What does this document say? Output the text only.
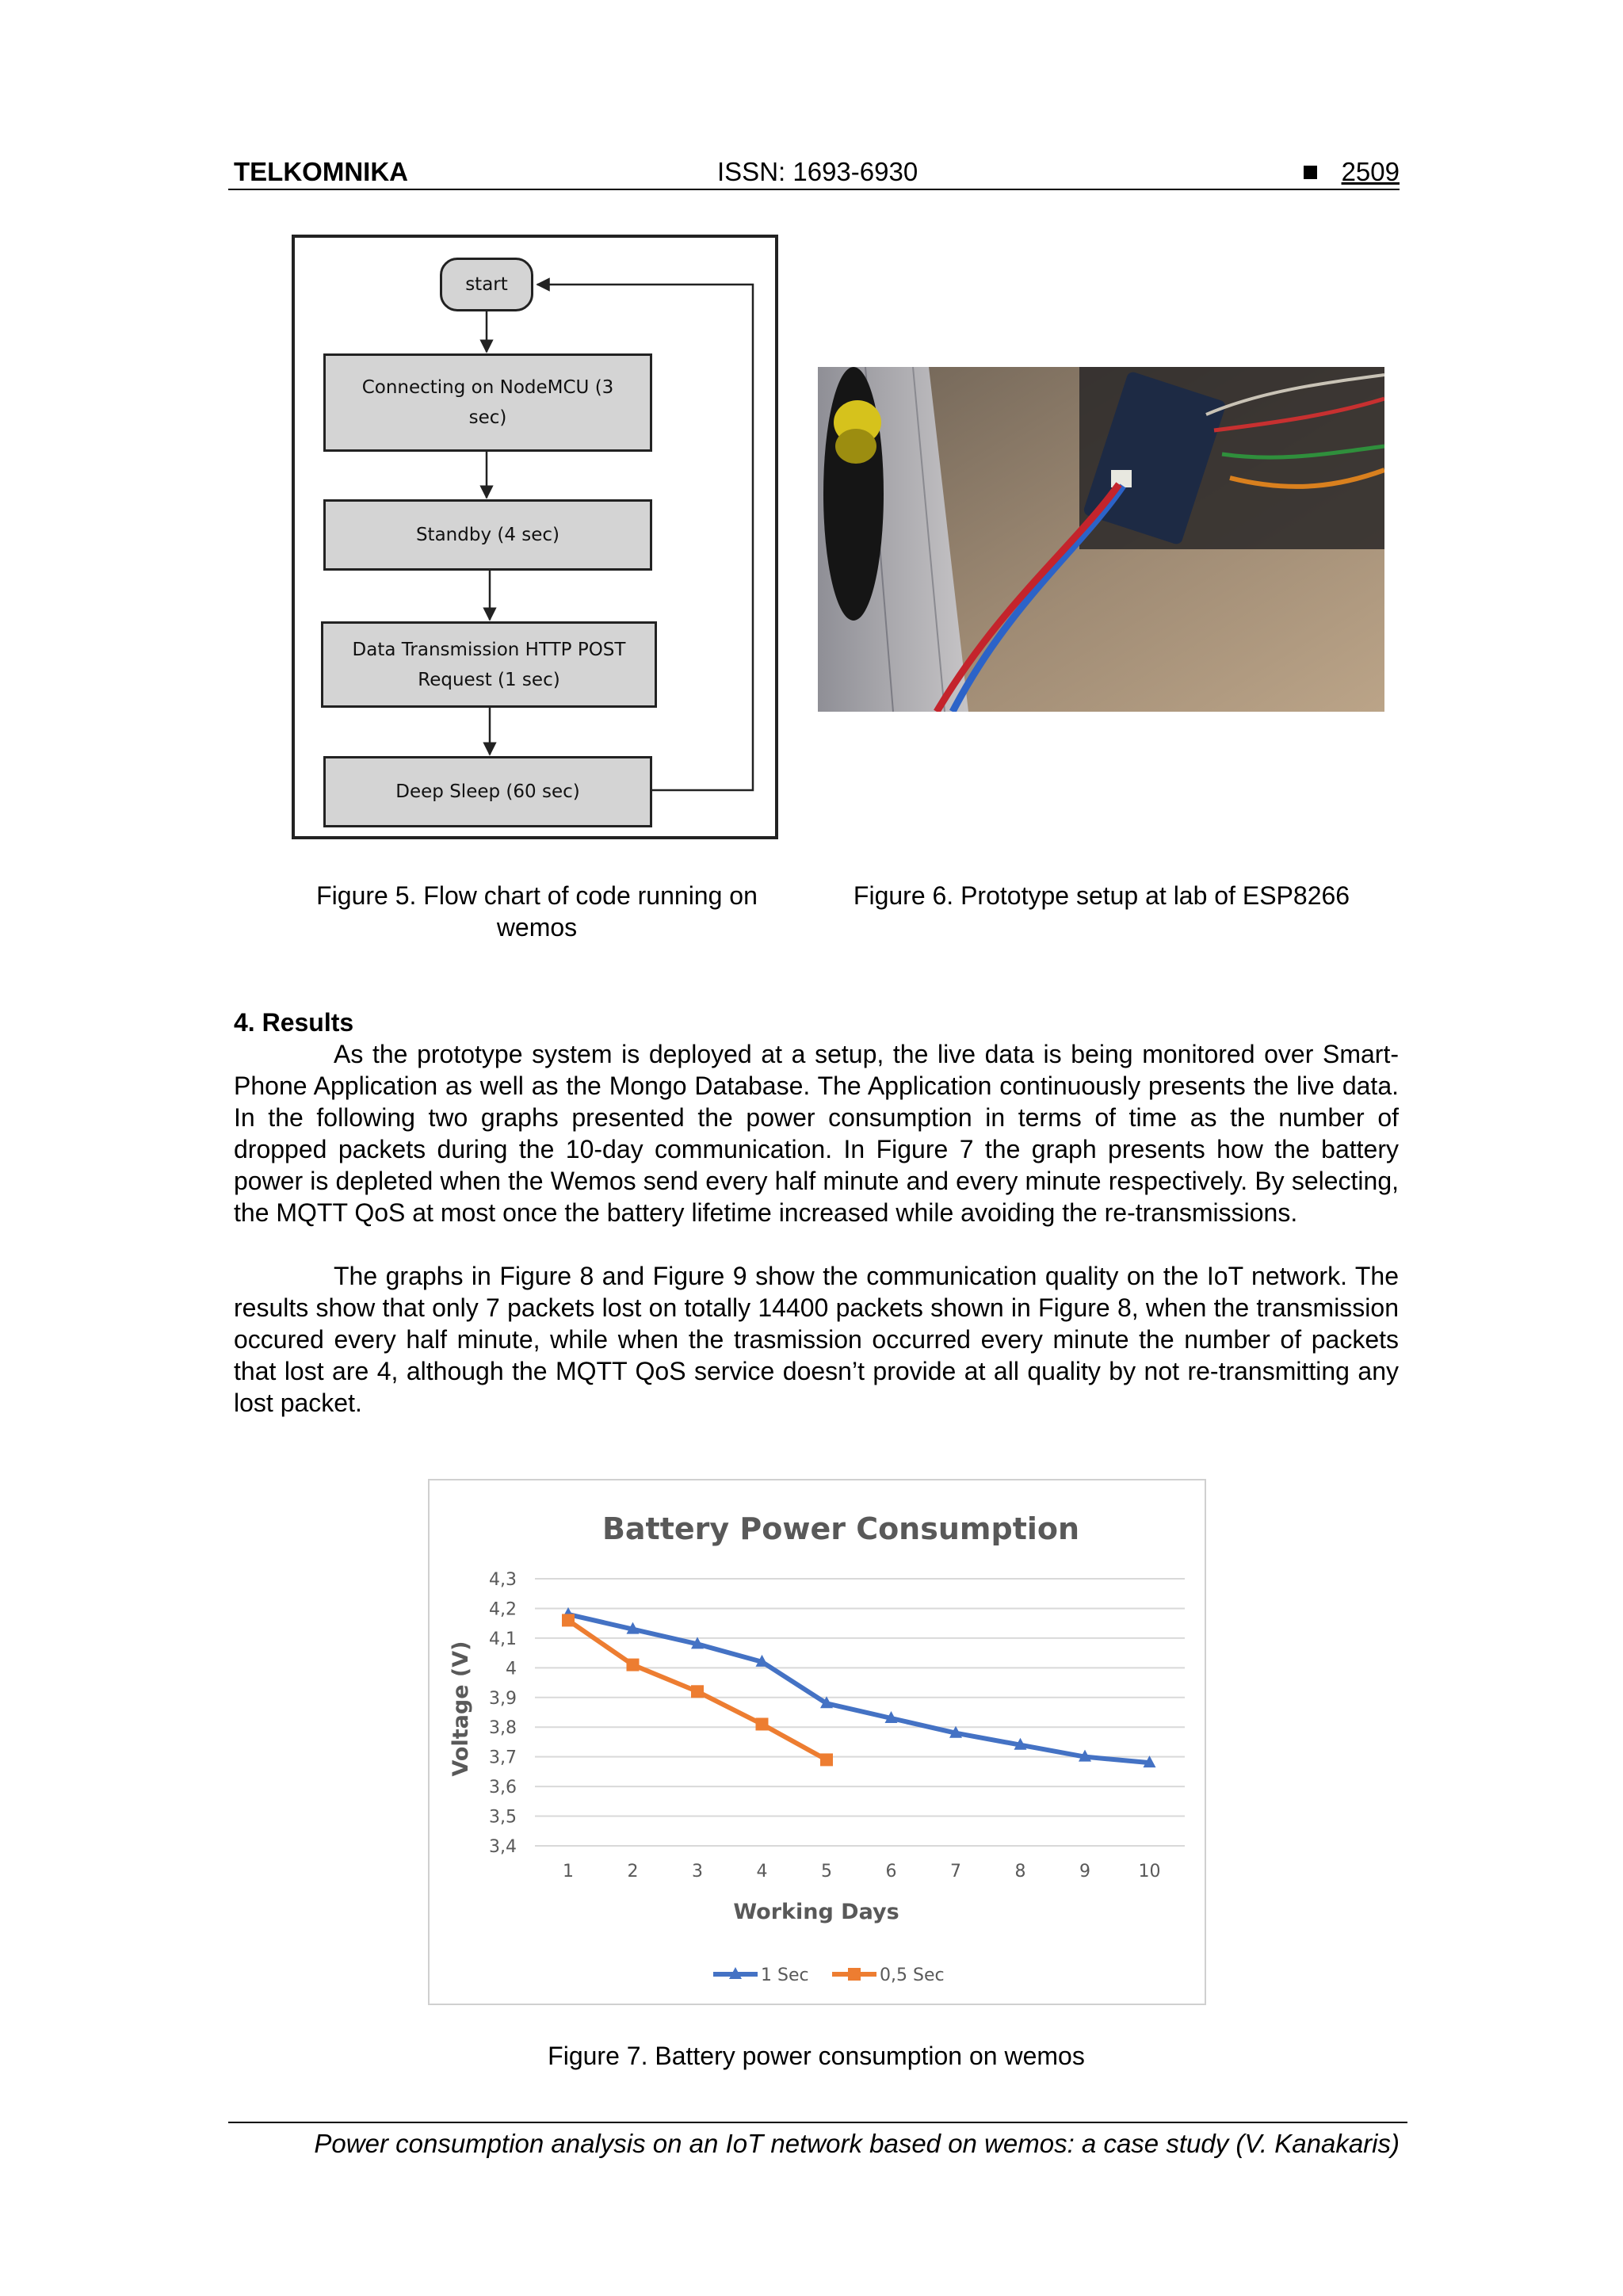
TELKOMNIKA	ISSN: 1693-6930	2509
start
Connecting on NodeMCU (3
sec)
Standby (4 sec)
Data Transmission HTTP POST
Request (1 sec)
Deep Sleep (60 sec)
Figure 5. Flow chart of code running on wemos
Figure 6. Prototype setup at lab of ESP8266
4. Results
As the prototype system is deployed at a setup, the live data is being monitored over Smart-Phone Application as well as the Mongo Database. The Application continuously presents the live data. In the following two graphs presented the power consumption in terms of time as the number of dropped packets during the 10-day communication. In Figure 7 the graph presents how the battery power is depleted when the Wemos send every half minute and every minute respectively. By selecting, the MQTT QoS at most once the battery lifetime increased while avoiding the re-transmissions.
The graphs in Figure 8 and Figure 9 show the communication quality on the IoT network. The results show that only 7 packets lost on totally 14400 packets shown in Figure 8, when the transmission occured every half minute, while when the trasmission occurred every minute the number of packets that lost are 4, although the MQTT QoS service doesn’t provide at all quality by not re-transmitting any lost packet.
Battery Power Consumption
3,4
3,5
3,6
3,7
3,8
3,9
4
4,1
4,2
4,3
1	2	3	4	5	6	7	8	9	10
Working Days
Voltage (V)
1 Sec	0,5 Sec
Figure 7. Battery power consumption on wemos
Power consumption analysis on an IoT network based on wemos: a case study (V. Kanakaris)
